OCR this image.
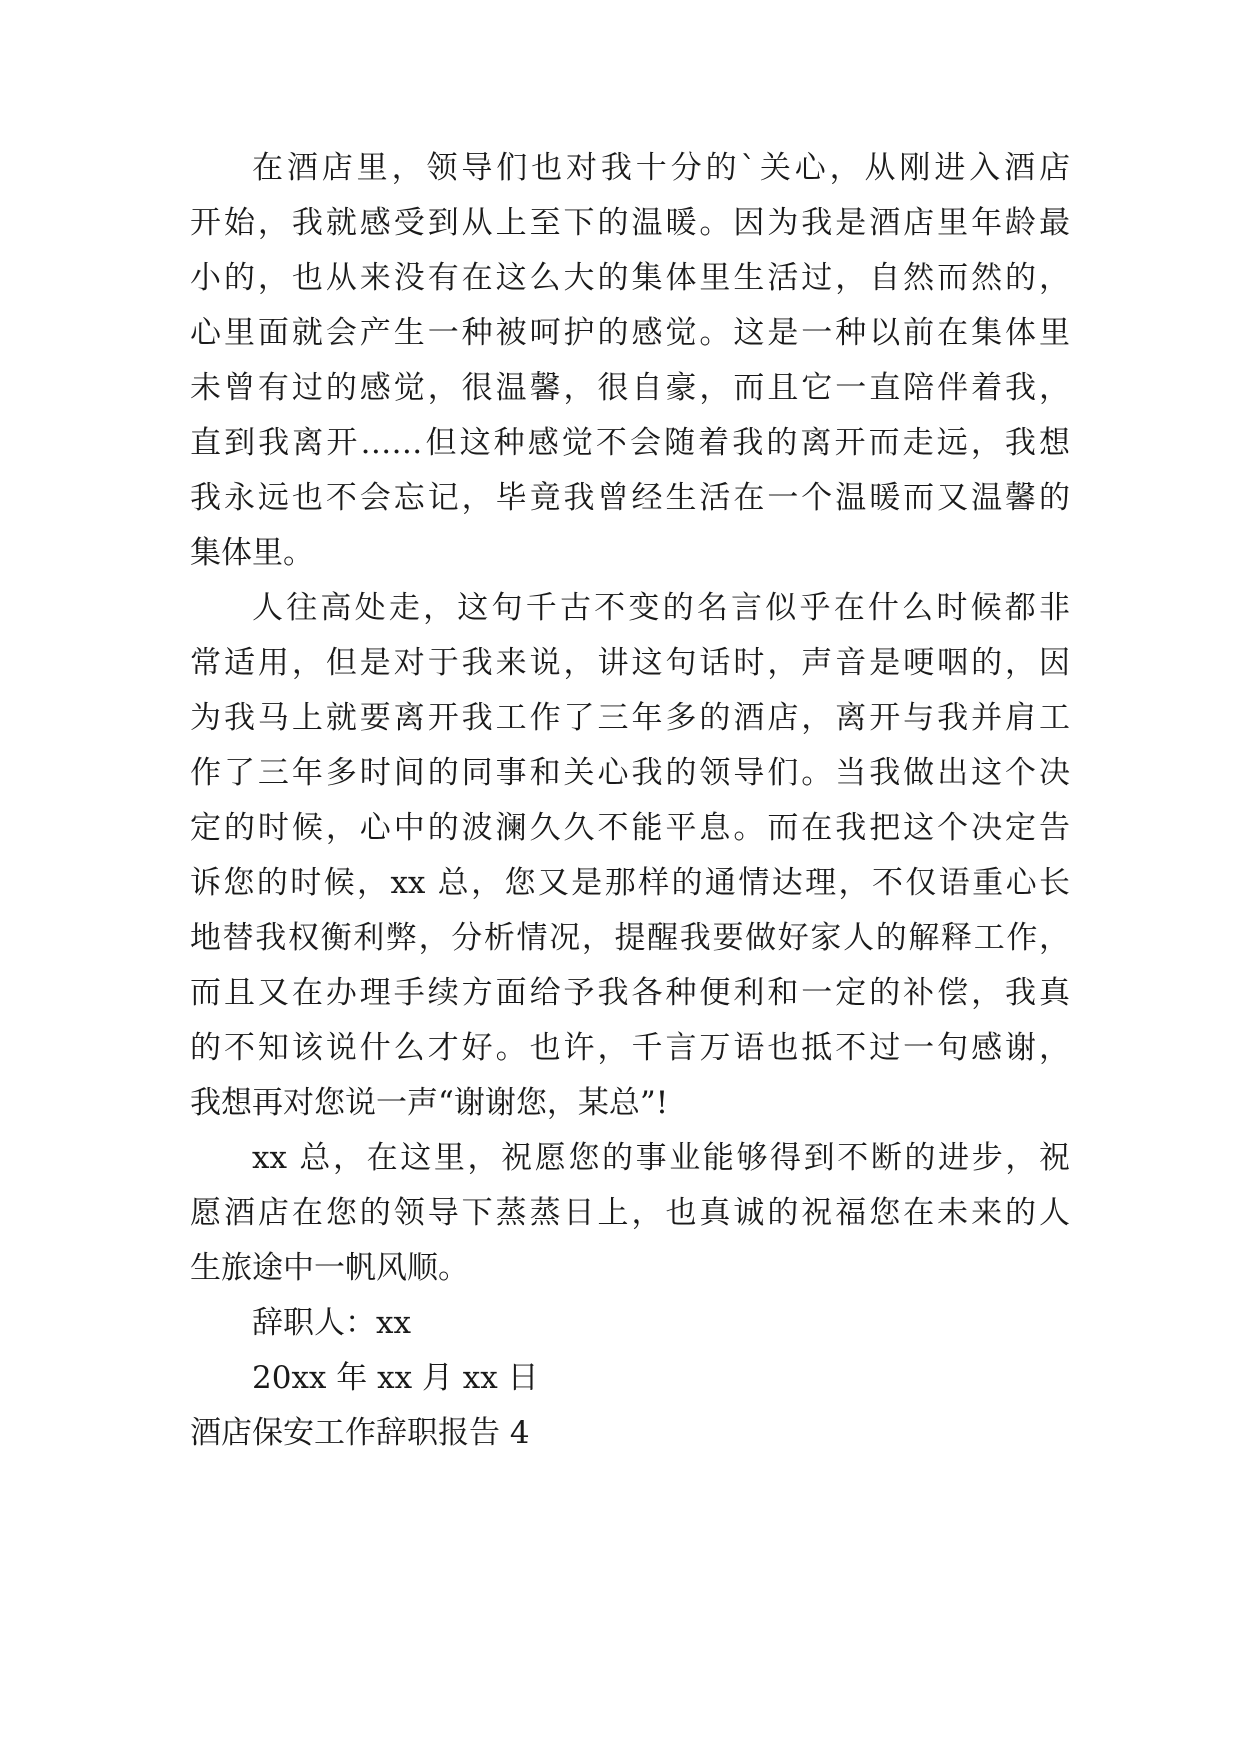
在酒店里，领导们也对我十分的`关心，从刚进入酒店

开始，我就感受到从上至下的温暖。因为我是酒店里年龄最

小的，也从来没有在这么大的集体里生活过，自然而然的，

心里面就会产生一种被呵护的感觉。这是一种以前在集体里

未曾有过的感觉，很温馨，很自豪，而且它一直陪伴着我，

直到我离开……但这种感觉不会随着我的离开而走远，我想

我永远也不会忘记，毕竟我曾经生活在一个温暖而又温馨的

集体里。

人往高处走，这句千古不变的名言似乎在什么时候都非

常适用，但是对于我来说，讲这句话时，声音是哽咽的，因

为我马上就要离开我工作了三年多的酒店，离开与我并肩工

作了三年多时间的同事和关心我的领导们。当我做出这个决

定的时候，心中的波澜久久不能平息。而在我把这个决定告

诉您的时候，xx 总，您又是那样的通情达理，不仅语重心长

地替我权衡利弊，分析情况，提醒我要做好家人的解释工作，

而且又在办理手续方面给予我各种便利和一定的补偿，我真

的不知该说什么才好。也许，千言万语也抵不过一句感谢，

我想再对您说一声“谢谢您，某总”!

xx 总，在这里，祝愿您的事业能够得到不断的进步，祝

愿酒店在您的领导下蒸蒸日上，也真诚的祝福您在未来的人

生旅途中一帆风顺。

辞职人：xx

20xx 年 xx 月 xx 日

酒店保安工作辞职报告 4
